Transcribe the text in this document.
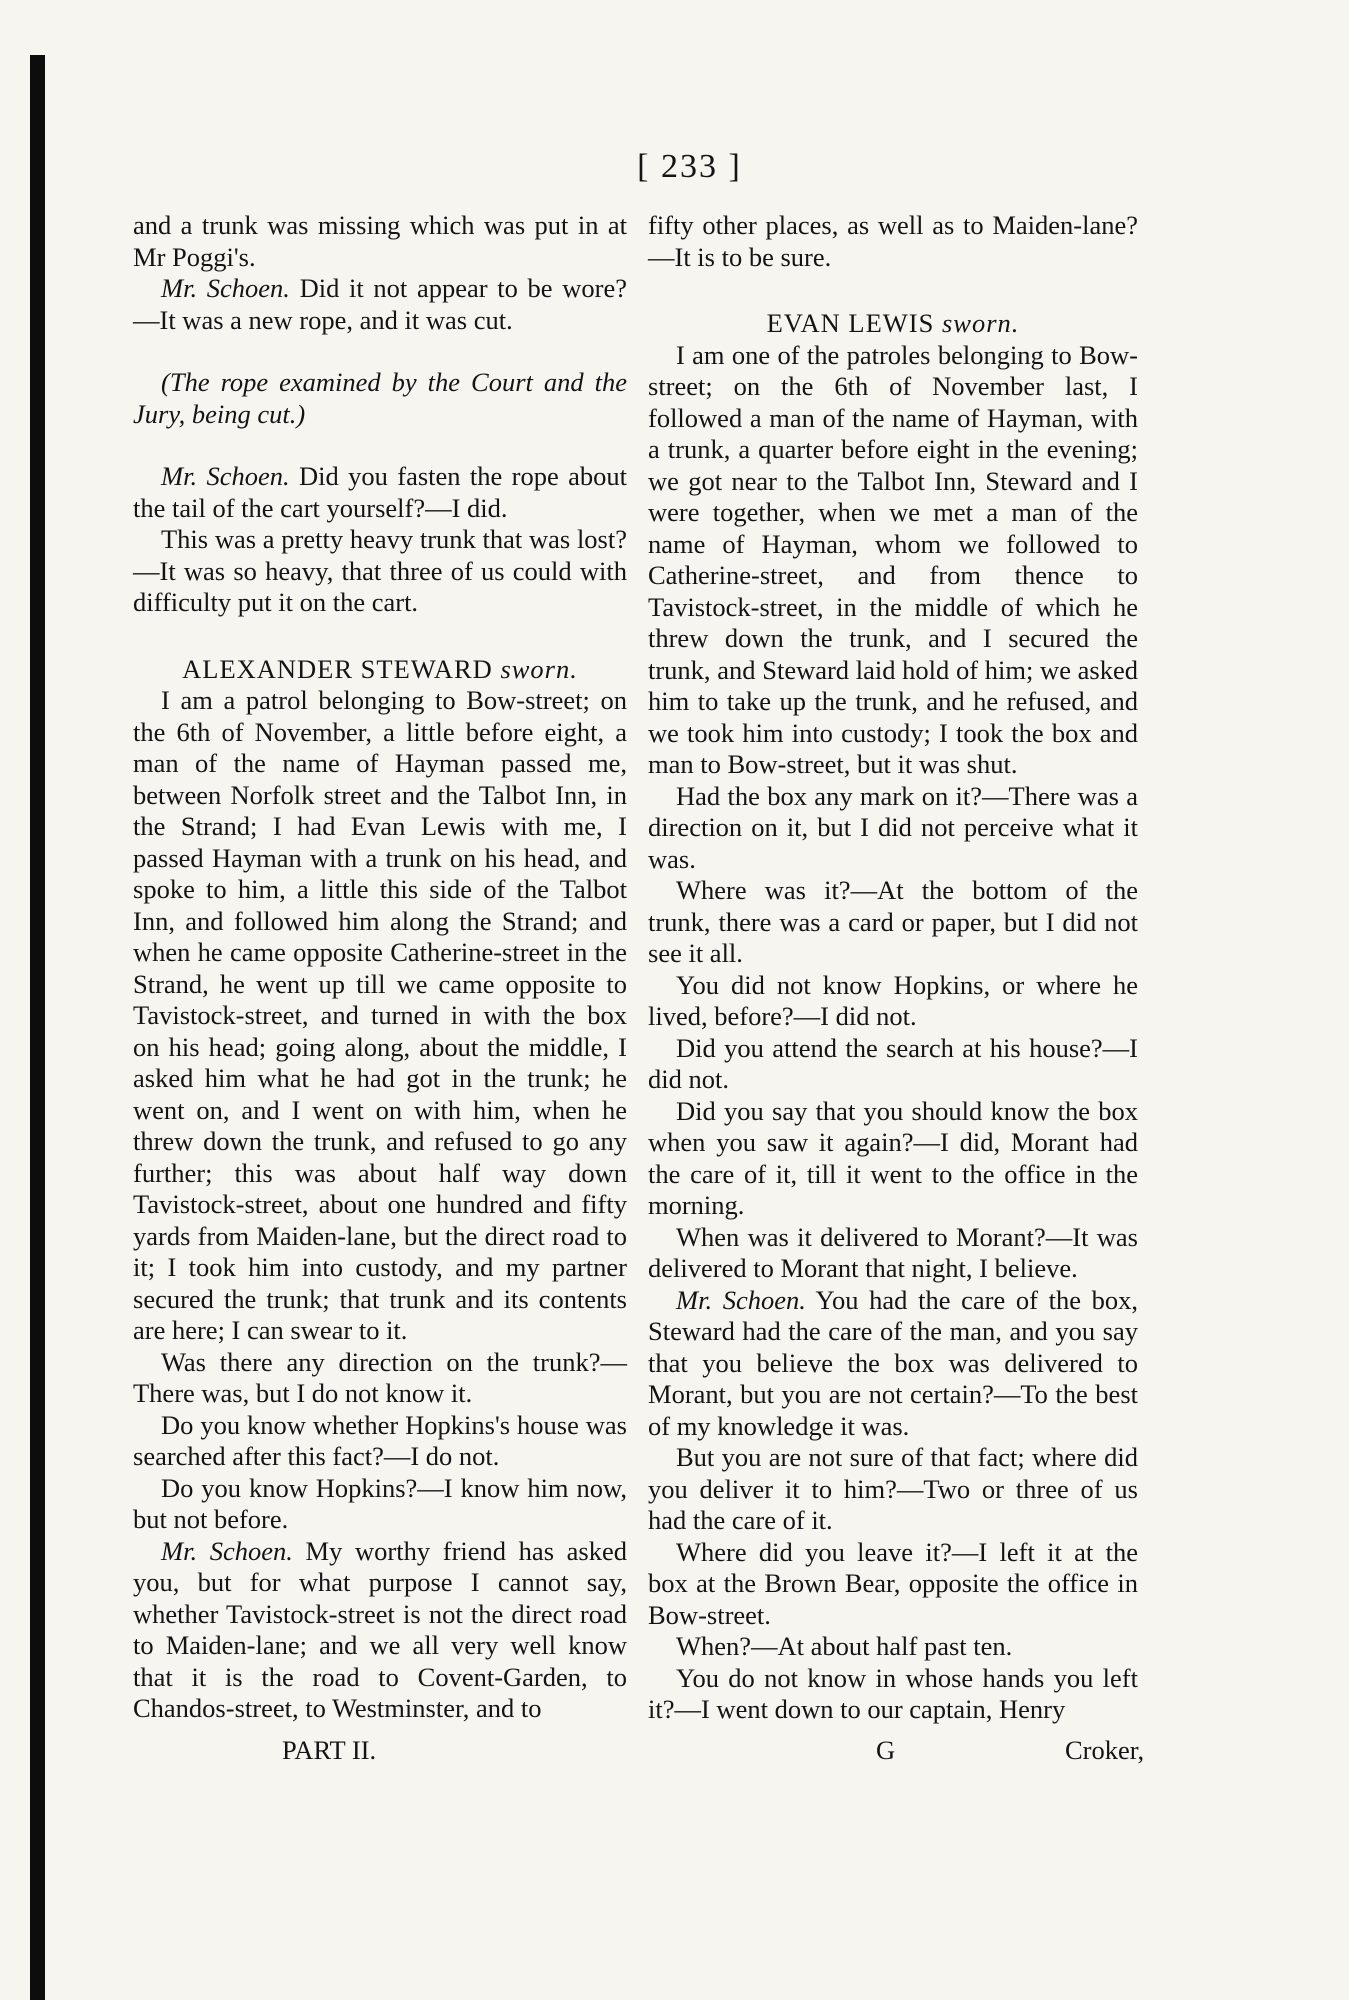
[ 233 ]

and a trunk was missing which was put in at Mr Poggi's.

Mr. Schoen. Did it not appear to be wore?—It was a new rope, and it was cut.

(The rope examined by the Court and the Jury, being cut.)

Mr. Schoen. Did you fasten the rope about the tail of the cart yourself?—I did.

This was a pretty heavy trunk that was lost?—It was so heavy, that three of us could with difficulty put it on the cart.

ALEXANDER STEWARD sworn.

I am a patrol belonging to Bow-street; on the 6th of November, a little before eight, a man of the name of Hayman passed me, between Norfolk street and the Talbot Inn, in the Strand; I had Evan Lewis with me, I passed Hayman with a trunk on his head, and spoke to him, a little this side of the Talbot Inn, and followed him along the Strand; and when he came opposite Catherine-street in the Strand, he went up till we came opposite to Tavistock-street, and turned in with the box on his head; going along, about the middle, I asked him what he had got in the trunk; he went on, and I went on with him, when he threw down the trunk, and refused to go any further; this was about half way down Tavistock-street, about one hundred and fifty yards from Maiden-lane, but the direct road to it; I took him into custody, and my partner secured the trunk; that trunk and its contents are here; I can swear to it.

Was there any direction on the trunk?—There was, but I do not know it.

Do you know whether Hopkins's house was searched after this fact?—I do not.

Do you know Hopkins?—I know him now, but not before.

Mr. Schoen. My worthy friend has asked you, but for what purpose I cannot say, whether Tavistock-street is not the direct road to Maiden-lane; and we all very well know that it is the road to Covent-Garden, to Chandos-street, to Westminster, and to

fifty other places, as well as to Maiden-lane?—It is to be sure.

EVAN LEWIS sworn.

I am one of the patroles belonging to Bow-street; on the 6th of November last, I followed a man of the name of Hayman, with a trunk, a quarter before eight in the evening; we got near to the Talbot Inn, Steward and I were together, when we met a man of the name of Hayman, whom we followed to Catherine-street, and from thence to Tavistock-street, in the middle of which he threw down the trunk, and I secured the trunk, and Steward laid hold of him; we asked him to take up the trunk, and he refused, and we took him into custody; I took the box and man to Bow-street, but it was shut.

Had the box any mark on it?—There was a direction on it, but I did not perceive what it was.

Where was it?—At the bottom of the trunk, there was a card or paper, but I did not see it all.

You did not know Hopkins, or where he lived, before?—I did not.

Did you attend the search at his house?—I did not.

Did you say that you should know the box when you saw it again?—I did, Morant had the care of it, till it went to the office in the morning.

When was it delivered to Morant?—It was delivered to Morant that night, I believe.

Mr. Schoen. You had the care of the box, Steward had the care of the man, and you say that you believe the box was delivered to Morant, but you are not certain?—To the best of my knowledge it was.

But you are not sure of that fact; where did you deliver it to him?—Two or three of us had the care of it.

Where did you leave it?—I left it at the box at the Brown Bear, opposite the office in Bow-street.

When?—At about half past ten.

You do not know in whose hands you left it?—I went down to our captain, Henry

PART II.	G	Croker,
